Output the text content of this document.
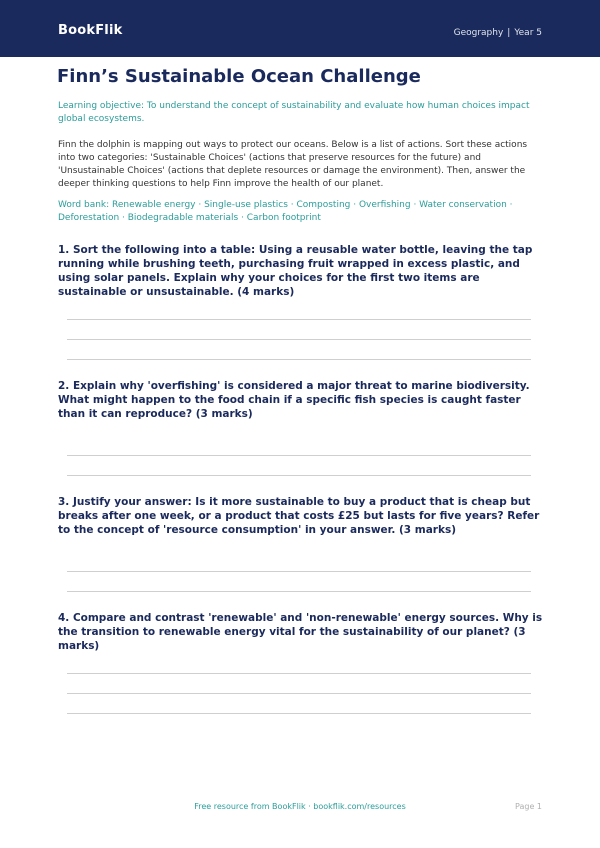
BookFlik	Geography | Year 5
Finn’s Sustainable Ocean Challenge

Learning objective: To understand the concept of sustainability and evaluate how human choices impact global ecosystems.

Finn the dolphin is mapping out ways to protect our oceans. Below is a list of actions. Sort these actions into two categories: 'Sustainable Choices' (actions that preserve resources for the future) and 'Unsustainable Choices' (actions that deplete resources or damage the environment). Then, answer the deeper thinking questions to help Finn improve the health of our planet.

Word bank: Renewable energy · Single-use plastics · Composting · Overfishing · Water conservation · Deforestation · Biodegradable materials · Carbon footprint

1. Sort the following into a table: Using a reusable water bottle, leaving the tap running while brushing teeth, purchasing fruit wrapped in excess plastic, and using solar panels. Explain why your choices for the first two items are sustainable or unsustainable. (4 marks)

2. Explain why 'overfishing' is considered a major threat to marine biodiversity. What might happen to the food chain if a specific fish species is caught faster than it can reproduce? (3 marks)

3. Justify your answer: Is it more sustainable to buy a product that is cheap but breaks after one week, or a product that costs £25 but lasts for five years? Refer to the concept of 'resource consumption' in your answer. (3 marks)

4. Compare and contrast 'renewable' and 'non-renewable' energy sources. Why is the transition to renewable energy vital for the sustainability of our planet? (3 marks)

Free resource from BookFlik · bookflik.com/resources	Page 1
